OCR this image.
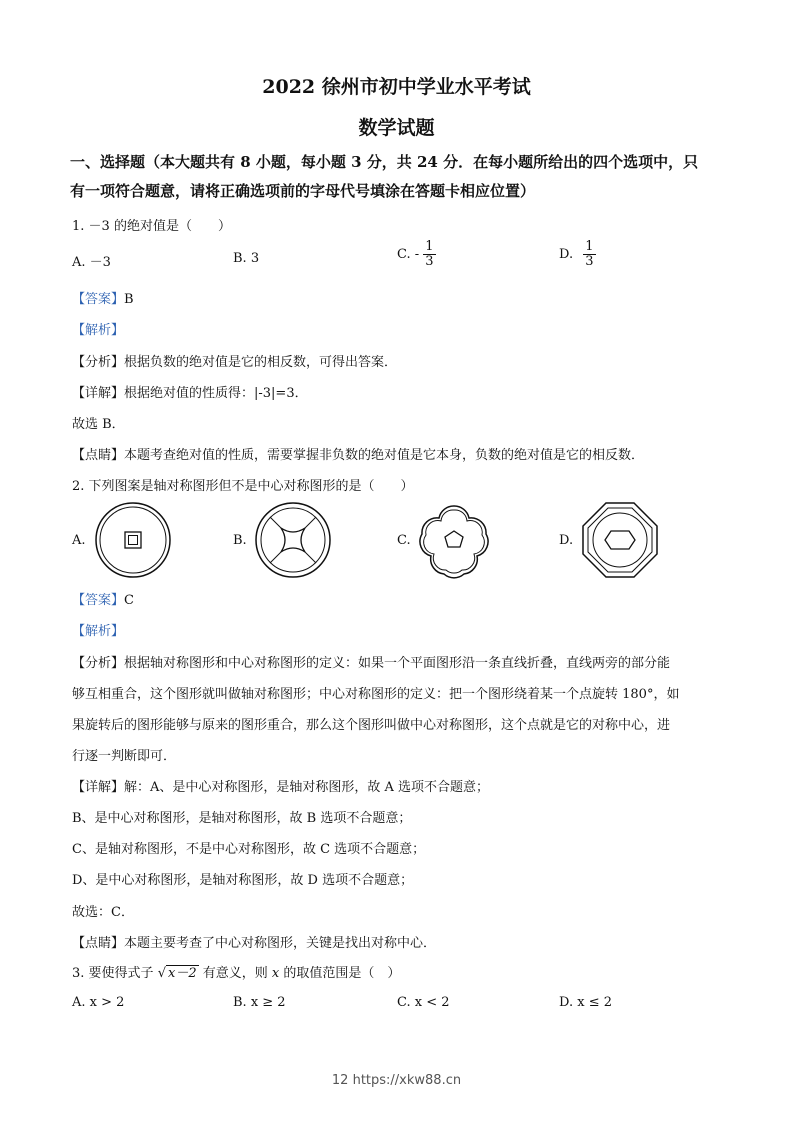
2022 徐州市初中学业水平考试
数学试题
一、选择题（本大题共有 8 小题，每小题 3 分，共 24 分．在每小题所给出的四个选项中，只
有一项符合题意，请将正确选项前的字母代号填涂在答题卡相应位置）
1. －3 的绝对值是（　　）
A. －3	B. 3	C. - $\frac{1}{3}$	D. $\frac{1}{3}$
【答案】B
【解析】
【分析】根据负数的绝对值是它的相反数，可得出答案．
【详解】根据绝对值的性质得：|-3|=3．
故选 B．
【点睛】本题考查绝对值的性质，需要掌握非负数的绝对值是它本身，负数的绝对值是它的相反数．
2. 下列图案是轴对称图形但不是中心对称图形的是（　　）
A.	B.	C.	D.
【答案】C
【解析】
【分析】根据轴对称图形和中心对称图形的定义：如果一个平面图形沿一条直线折叠，直线两旁的部分能
够互相重合，这个图形就叫做轴对称图形；中心对称图形的定义：把一个图形绕着某一个点旋转 180°，如
果旋转后的图形能够与原来的图形重合，那么这个图形叫做中心对称图形，这个点就是它的对称中心，进
行逐一判断即可．
【详解】解：A、是中心对称图形，是轴对称图形，故 A 选项不合题意；
B、是中心对称图形，是轴对称图形，故 B 选项不合题意；
C、是轴对称图形，不是中心对称图形，故 C 选项不合题意；
D、是中心对称图形，是轴对称图形，故 D 选项不合题意；
故选：C．
【点睛】本题主要考查了中心对称图形，关键是找出对称中心．
3. 要使得式子 √ x－2 有意义，则 x 的取值范围是（　）
A. x > 2	B. x ≥ 2	C. x < 2	D. x ≤ 2
12 https://xkw88.cn
